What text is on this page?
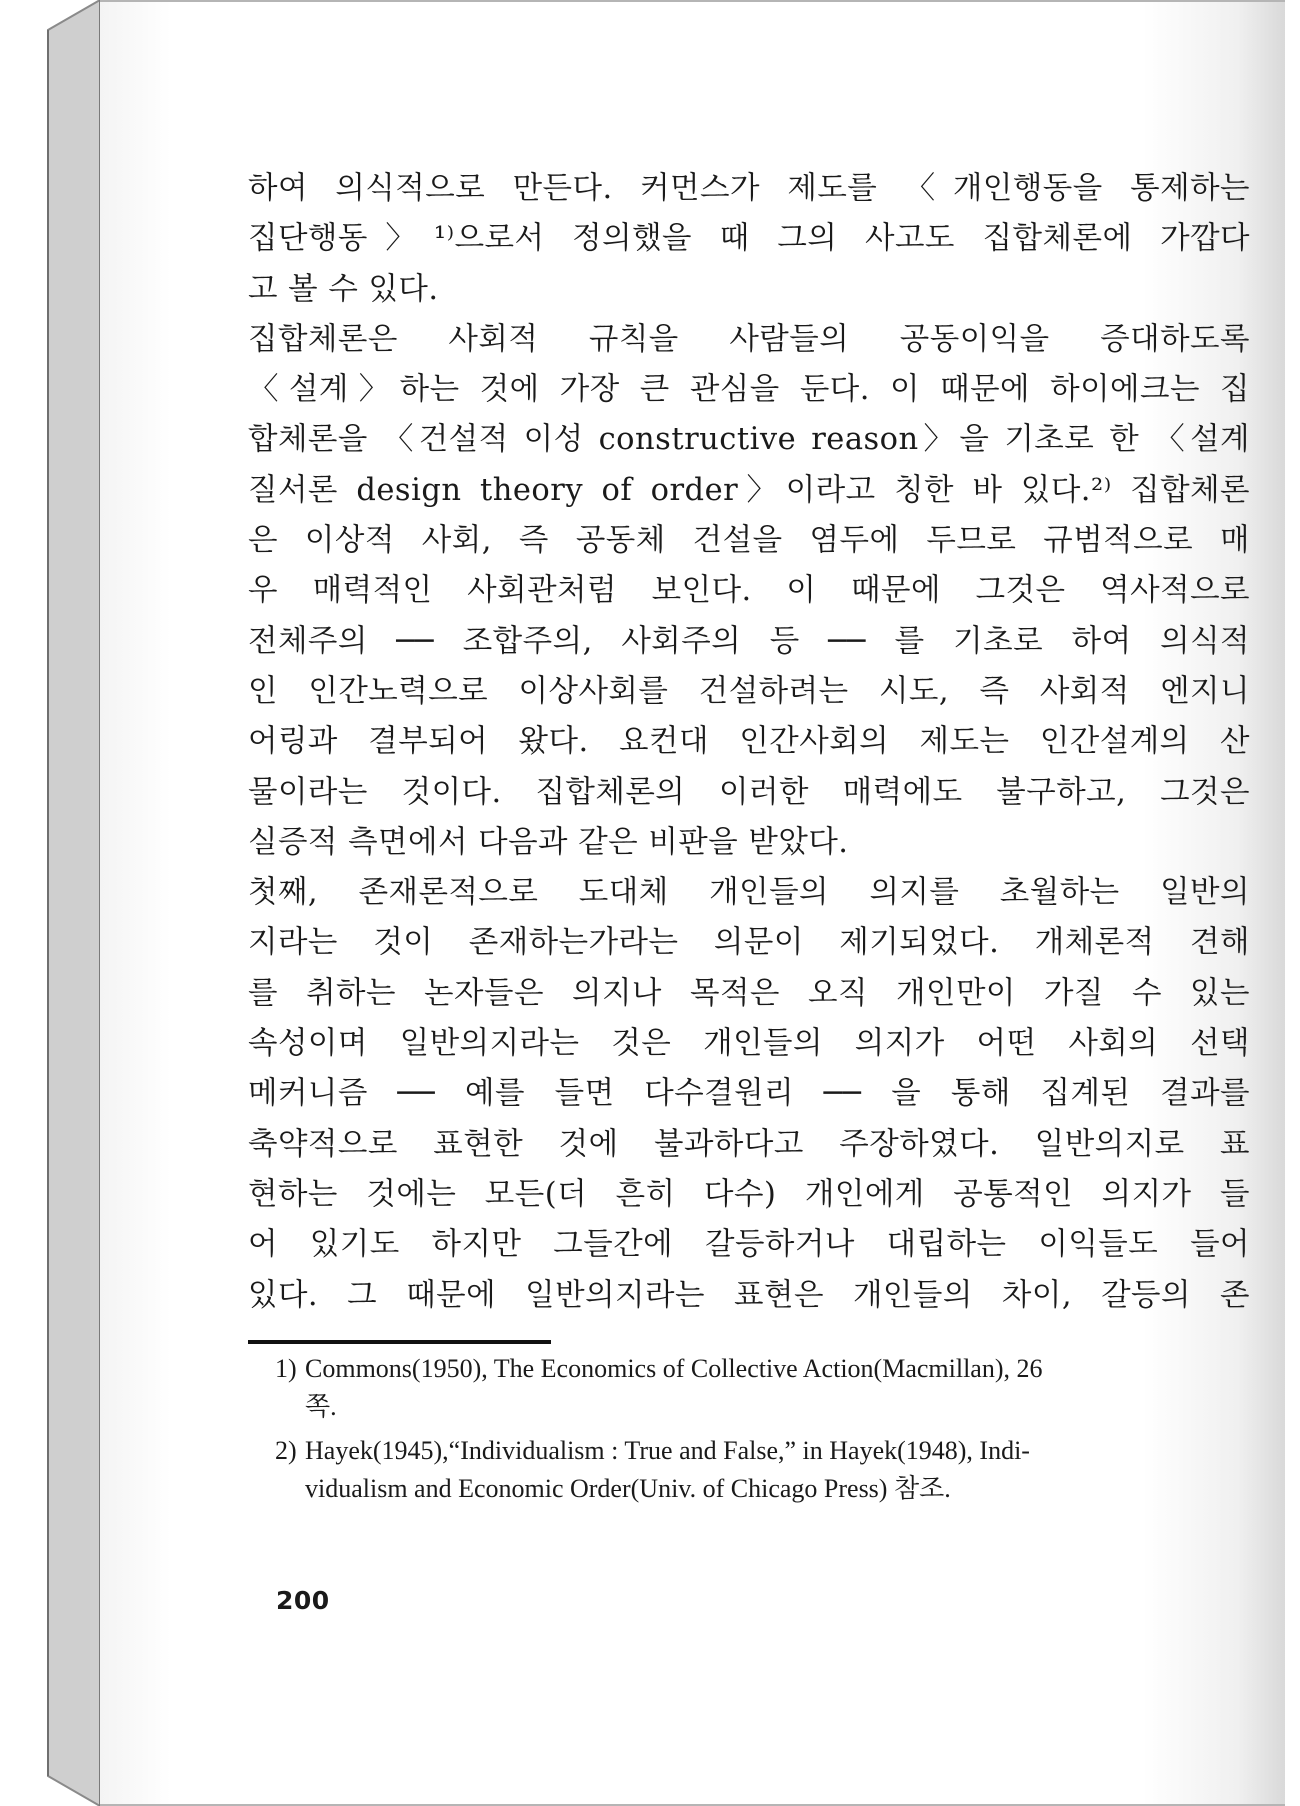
하여 의식적으로 만든다. 커먼스가 제도를 〈개인행동을 통제하는
집단행동〉¹⁾으로서 정의했을 때 그의 사고도 집합체론에 가깝다
고 볼 수 있다.
집합체론은 사회적 규칙을 사람들의 공동이익을 증대하도록
〈설계〉하는 것에 가장 큰 관심을 둔다. 이 때문에 하이에크는 집
합체론을 〈건설적 이성 constructive reason〉을 기초로 한 〈설계
질서론 design theory of order〉이라고 칭한 바 있다.²⁾ 집합체론
은 이상적 사회, 즉 공동체 건설을 염두에 두므로 규범적으로 매
우 매력적인 사회관처럼 보인다. 이 때문에 그것은 역사적으로
전체주의 ── 조합주의, 사회주의 등 ── 를 기초로 하여 의식적
인 인간노력으로 이상사회를 건설하려는 시도, 즉 사회적 엔지니
어링과 결부되어 왔다. 요컨대 인간사회의 제도는 인간설계의 산
물이라는 것이다. 집합체론의 이러한 매력에도 불구하고, 그것은
실증적 측면에서 다음과 같은 비판을 받았다.
첫째, 존재론적으로 도대체 개인들의 의지를 초월하는 일반의
지라는 것이 존재하는가라는 의문이 제기되었다. 개체론적 견해
를 취하는 논자들은 의지나 목적은 오직 개인만이 가질 수 있는
속성이며 일반의지라는 것은 개인들의 의지가 어떤 사회의 선택
메커니즘 ── 예를 들면 다수결원리 ── 을 통해 집계된 결과를
축약적으로 표현한 것에 불과하다고 주장하였다. 일반의지로 표
현하는 것에는 모든(더 흔히 다수) 개인에게 공통적인 의지가 들
어 있기도 하지만 그들간에 갈등하거나 대립하는 이익들도 들어
있다. 그 때문에 일반의지라는 표현은 개인들의 차이, 갈등의 존
1) Commons(1950), The Economics of Collective Action(Macmillan), 26
쪽.
2) Hayek(1945),“Individualism : True and False,” in Hayek(1948), Indi-
vidualism and Economic Order(Univ. of Chicago Press) 참조.
200
